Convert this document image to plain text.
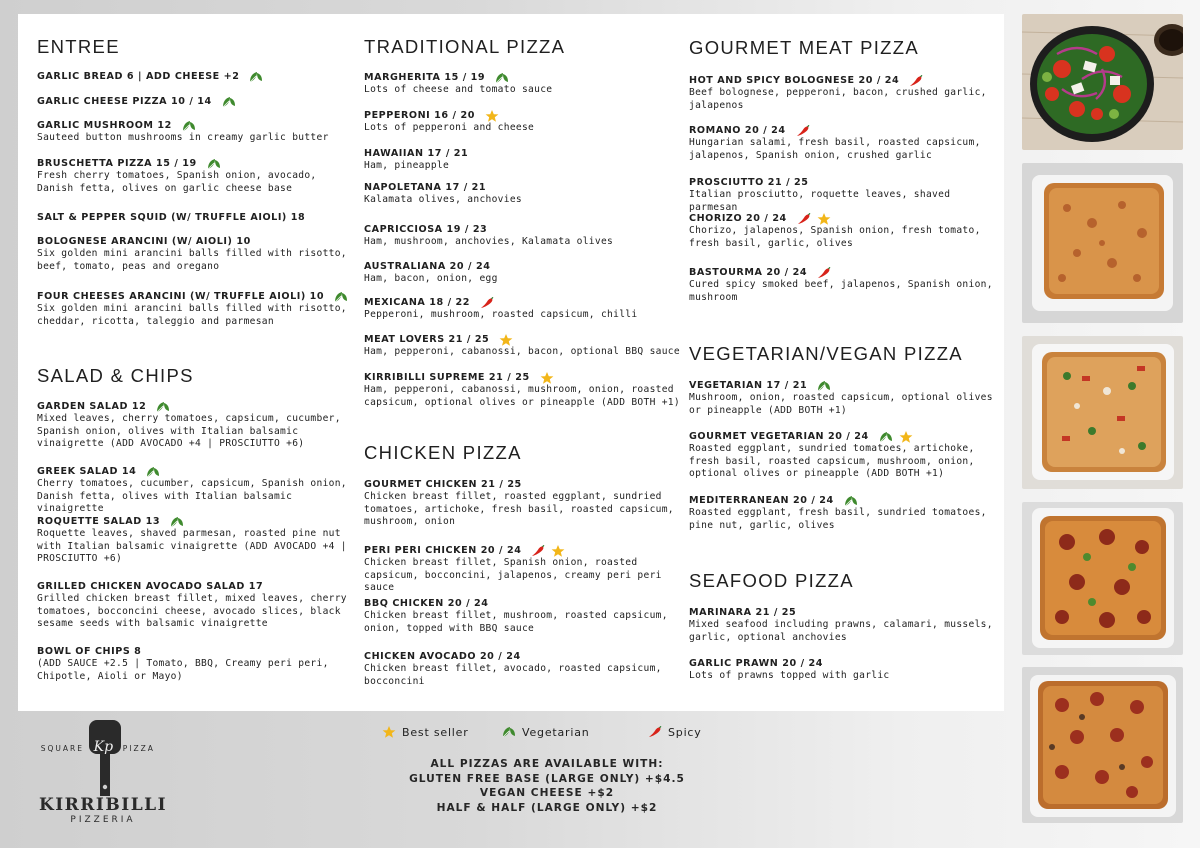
ENTREE
GARLIC BREAD 6 | ADD CHEESE +2
GARLIC CHEESE PIZZA 10 / 14
GARLIC MUSHROOM 12
Sauteed button mushrooms in creamy garlic butter
BRUSCHETTA PIZZA 15 / 19
Fresh cherry tomatoes, Spanish onion, avocado, Danish fetta, olives on garlic cheese base
SALT & PEPPER SQUID (W/ TRUFFLE AIOLI) 18
BOLOGNESE ARANCINI (W/ AIOLI) 10
Six golden mini arancini balls filled with risotto, beef, tomato, peas and oregano
FOUR CHEESES ARANCINI (W/ TRUFFLE AIOLI) 10
Six golden mini arancini balls filled with risotto, cheddar, ricotta, taleggio and parmesan
SALAD & CHIPS
GARDEN SALAD 12
Mixed leaves, cherry tomatoes, capsicum, cucumber, Spanish onion, olives with Italian balsamic vinaigrette (ADD AVOCADO +4 | PROSCIUTTO +6)
GREEK SALAD 14
Cherry tomatoes, cucumber, capsicum, Spanish onion, Danish fetta, olives with Italian balsamic vinaigrette
ROQUETTE SALAD 13
Roquette leaves, shaved parmesan, roasted pine nut with Italian balsamic vinaigrette (ADD AVOCADO +4 | PROSCIUTTO +6)
GRILLED CHICKEN AVOCADO SALAD 17
Grilled chicken breast fillet, mixed leaves, cherry tomatoes, bocconcini cheese, avocado slices, black sesame seeds with balsamic vinaigrette
BOWL OF CHIPS 8
(ADD SAUCE +2.5 | Tomato, BBQ, Creamy peri peri, Chipotle, Aioli or Mayo)
TRADITIONAL PIZZA
MARGHERITA 15 / 19
Lots of cheese and tomato sauce
PEPPERONI 16 / 20
Lots of pepperoni and cheese
HAWAIIAN 17 / 21
Ham, pineapple
NAPOLETANA 17 / 21
Kalamata olives, anchovies
CAPRICCIOSA 19 / 23
Ham, mushroom, anchovies, Kalamata olives
AUSTRALIANA 20 / 24
Ham, bacon, onion, egg
MEXICANA 18 / 22
Pepperoni, mushroom, roasted capsicum, chilli
MEAT LOVERS 21 / 25
Ham, pepperoni, cabanossi, bacon, optional BBQ sauce
KIRRIBILLI SUPREME 21 / 25
Ham, pepperoni, cabanossi, mushroom, onion, roasted capsicum, optional olives or pineapple (ADD BOTH +1)
CHICKEN PIZZA
GOURMET CHICKEN 21 / 25
Chicken breast fillet, roasted eggplant, sundried tomatoes, artichoke, fresh basil, roasted capsicum, mushroom, onion
PERI PERI CHICKEN 20 / 24
Chicken breast fillet, Spanish onion, roasted capsicum, bocconcini, jalapenos, creamy peri peri sauce
BBQ CHICKEN 20 / 24
Chicken breast fillet, mushroom, roasted capsicum, onion, topped with BBQ sauce
CHICKEN AVOCADO 20 / 24
Chicken breast fillet, avocado, roasted capsicum, bocconcini
GOURMET MEAT PIZZA
HOT AND SPICY BOLOGNESE 20 / 24
Beef bolognese, pepperoni, bacon, crushed garlic, jalapenos
ROMANO 20 / 24
Hungarian salami, fresh basil, roasted capsicum, jalapenos, Spanish onion, crushed garlic
PROSCIUTTO 21 / 25
Italian prosciutto, roquette leaves, shaved parmesan
CHORIZO 20 / 24
Chorizo, jalapenos, Spanish onion, fresh tomato, fresh basil, garlic, olives
BASTOURMA 20 / 24
Cured spicy smoked beef, jalapenos, Spanish onion, mushroom
VEGETARIAN/VEGAN PIZZA
VEGETARIAN 17 / 21
Mushroom, onion, roasted capsicum, optional olives or pineapple (ADD BOTH +1)
GOURMET VEGETARIAN 20 / 24
Roasted eggplant, sundried tomatoes, artichoke, fresh basil, roasted capsicum, mushroom, onion, optional olives or pineapple (ADD BOTH +1)
MEDITERRANEAN 20 / 24
Roasted eggplant, fresh basil, sundried tomatoes, pine nut, garlic, olives
SEAFOOD PIZZA
MARINARA 21 / 25
Mixed seafood including prawns, calamari, mussels, garlic, optional anchovies
GARLIC PRAWN 20 / 24
Lots of prawns topped with garlic
SQUARE Kp PIZZA
KIRRIBILLI
PIZZERIA
Best seller	Vegetarian	Spicy
ALL PIZZAS ARE AVAILABLE WITH:
GLUTEN FREE BASE (LARGE ONLY) +$4.5
VEGAN CHEESE +$2
HALF & HALF (LARGE ONLY) +$2
